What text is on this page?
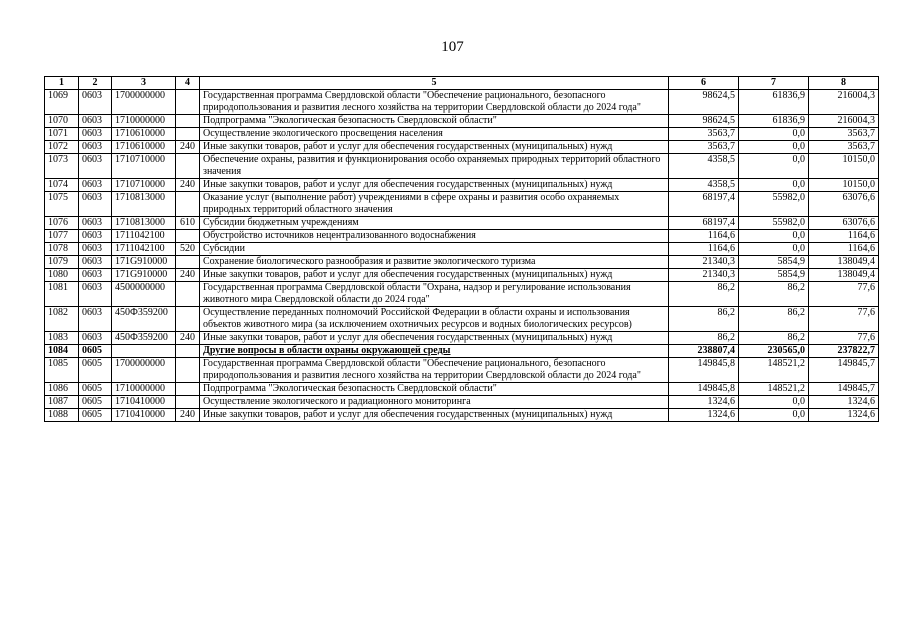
107
1	2	3	4	5	6	7	8
1069	0603	1700000000		Государственная программа Свердловской области "Обеспечение рационального, безопасного природопользования и развития лесного хозяйства на территории Свердловской области до 2024 года"	98624,5	61836,9	216004,3
1070	0603	1710000000		Подпрограмма "Экологическая безопасность Свердловской области"	98624,5	61836,9	216004,3
1071	0603	1710610000		Осуществление экологического просвещения населения	3563,7	0,0	3563,7
1072	0603	1710610000	240	Иные закупки товаров, работ и услуг для обеспечения государственных (муниципальных) нужд	3563,7	0,0	3563,7
1073	0603	1710710000		Обеспечение охраны, развития и функционирования особо охраняемых природных территорий областного значения	4358,5	0,0	10150,0
1074	0603	1710710000	240	Иные закупки товаров, работ и услуг для обеспечения государственных (муниципальных) нужд	4358,5	0,0	10150,0
1075	0603	1710813000		Оказание услуг (выполнение работ) учреждениями в сфере охраны и развития особо охраняемых природных территорий областного значения	68197,4	55982,0	63076,6
1076	0603	1710813000	610	Субсидии бюджетным учреждениям	68197,4	55982,0	63076,6
1077	0603	1711042100		Обустройство источников нецентрализованного водоснабжения	1164,6	0,0	1164,6
1078	0603	1711042100	520	Субсидии	1164,6	0,0	1164,6
1079	0603	171G910000		Сохранение биологического разнообразия и развитие экологического туризма	21340,3	5854,9	138049,4
1080	0603	171G910000	240	Иные закупки товаров, работ и услуг для обеспечения государственных (муниципальных) нужд	21340,3	5854,9	138049,4
1081	0603	4500000000		Государственная программа Свердловской области "Охрана, надзор и регулирование использования животного мира Свердловской области до 2024 года"	86,2	86,2	77,6
1082	0603	450Ф359200		Осуществление переданных полномочий Российской Федерации в области охраны и использования объектов животного мира (за исключением охотничьих ресурсов и водных биологических ресурсов)	86,2	86,2	77,6
1083	0603	450Ф359200	240	Иные закупки товаров, работ и услуг для обеспечения государственных (муниципальных) нужд	86,2	86,2	77,6
1084	0605			Другие вопросы в области охраны окружающей среды	238807,4	230565,0	237822,7
1085	0605	1700000000		Государственная программа Свердловской области "Обеспечение рационального, безопасного природопользования и развития лесного хозяйства на территории Свердловской области до 2024 года"	149845,8	148521,2	149845,7
1086	0605	1710000000		Подпрограмма "Экологическая безопасность Свердловской области"	149845,8	148521,2	149845,7
1087	0605	1710410000		Осуществление экологического и радиационного мониторинга	1324,6	0,0	1324,6
1088	0605	1710410000	240	Иные закупки товаров, работ и услуг для обеспечения государственных (муниципальных) нужд	1324,6	0,0	1324,6
